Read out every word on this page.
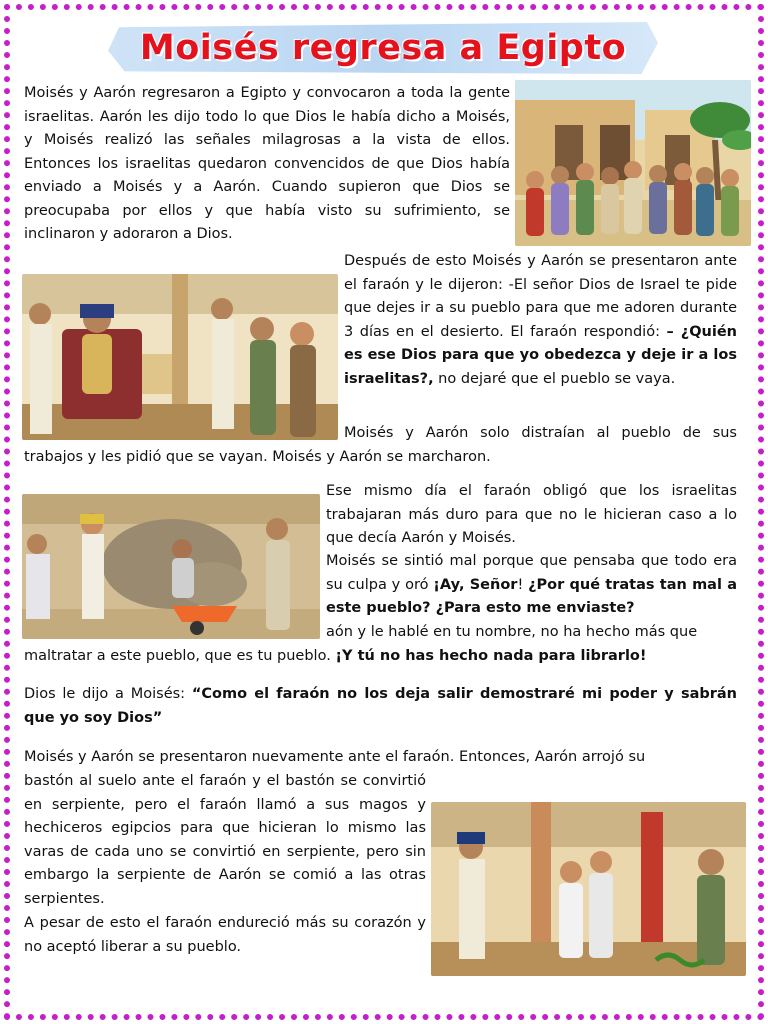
Moisés regresa a Egipto

Moisés y Aarón regresaron a Egipto y convocaron a toda la gente israelitas. Aarón les dijo todo lo que Dios le había dicho a Moisés, y Moisés realizó las señales milagrosas a la vista de ellos. Entonces los israelitas quedaron convencidos de que Dios había enviado a Moisés y a Aarón. Cuando supieron que Dios se preocupaba por ellos y que había visto su sufrimiento, se inclinaron y adoraron a Dios.

Después de esto Moisés y Aarón se presentaron ante el faraón y le dijeron: -El señor Dios de Israel te pide que dejes ir a su pueblo para que me adoren durante 3 días en el desierto. El faraón respondió: – ¿Quién es ese Dios para que yo obedezca y deje ir a los israelitas?, no dejaré que el pueblo se vaya.

Moisés y Aarón solo distraían al pueblo de sus trabajos y les pidió que se vayan. Moisés y Aarón se marcharon.

Ese mismo día el faraón obligó que los israelitas trabajaran más duro para que no le hicieran caso a lo que decía Aarón y Moisés.

Moisés se sintió mal porque que pensaba que todo era su culpa y oró ¡Ay, Señor! ¿Por qué tratas tan mal a este pueblo? ¿Para esto me enviaste?

aón y le hablé en tu nombre, no ha hecho más que

maltratar a este pueblo, que es tu pueblo. ¡Y tú no has hecho nada para librarlo!

Dios le dijo a Moisés: “Como el faraón no los deja salir demostraré mi poder y sabrán que yo soy Dios”

Moisés y Aarón se presentaron nuevamente ante el faraón. Entonces, Aarón arrojó su

bastón al suelo ante el faraón y el bastón se convirtió en serpiente, pero el faraón llamó a sus magos y hechiceros egipcios para que hicieran lo mismo las varas de cada uno se convirtió en serpiente, pero sin embargo la serpiente de Aarón se comió a las otras serpientes.

A pesar de esto el faraón endureció más su corazón y no aceptó liberar a su pueblo.
